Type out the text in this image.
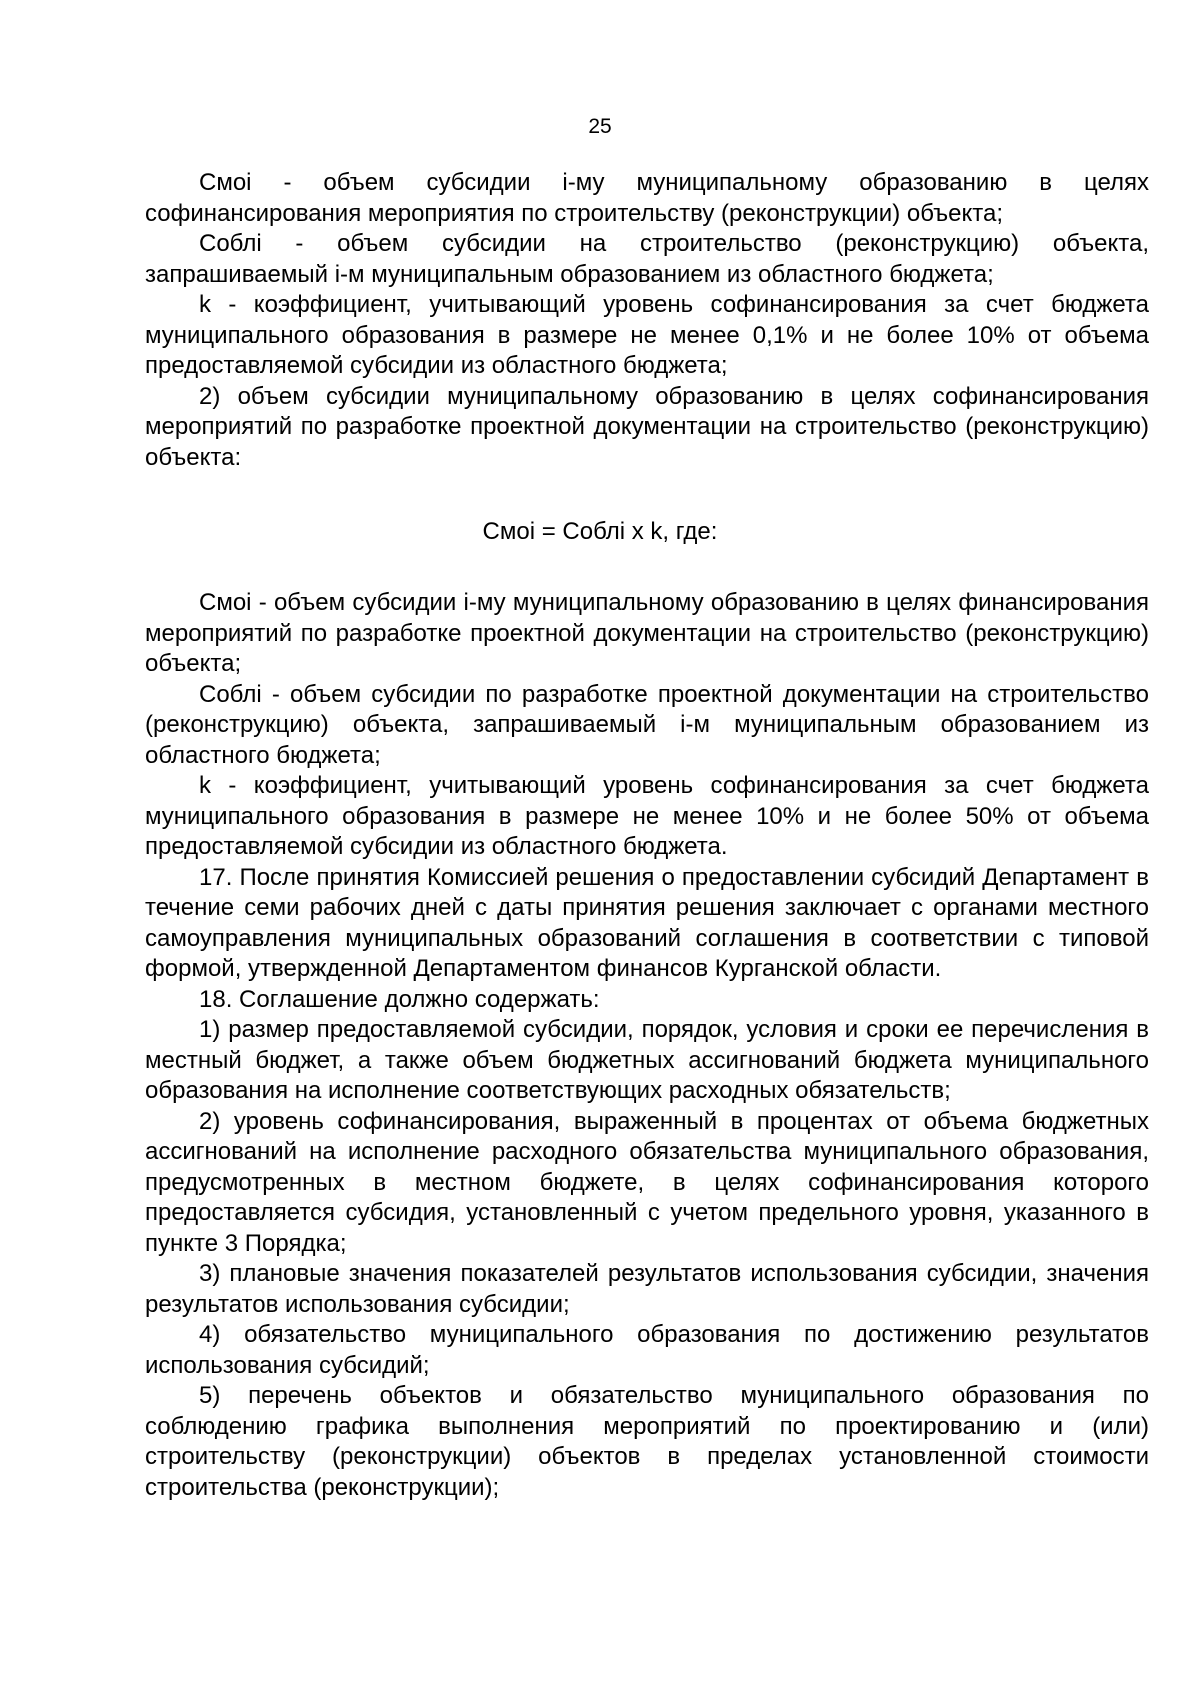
25

Смоi - объем субсидии i-му муниципальному образованию в целях софинансирования мероприятия по строительству (реконструкции) объекта;

Соблi - объем субсидии на строительство (реконструкцию) объекта, запрашиваемый i-м муниципальным образованием из областного бюджета;

k - коэффициент, учитывающий уровень софинансирования за счет бюджета муниципального образования в размере не менее 0,1% и не более 10% от объема предоставляемой субсидии из областного бюджета;

2) объем субсидии муниципальному образованию в целях софинансирования мероприятий по разработке проектной документации на строительство (реконструкцию) объекта:

Смоi = Соблi x k, где:

Смоi - объем субсидии i-му муниципальному образованию в целях финансирования мероприятий по разработке проектной документации на строительство (реконструкцию) объекта;

Соблi - объем субсидии по разработке проектной документации на строительство (реконструкцию) объекта, запрашиваемый i-м муниципальным образованием из областного бюджета;

k - коэффициент, учитывающий уровень софинансирования за счет бюджета муниципального образования в размере не менее 10% и не более 50% от объема предоставляемой субсидии из областного бюджета.

17. После принятия Комиссией решения о предоставлении субсидий Департамент в течение семи рабочих дней с даты принятия решения заключает с органами местного самоуправления муниципальных образований соглашения в соответствии с типовой формой, утвержденной Департаментом финансов Курганской области.

18. Соглашение должно содержать:

1) размер предоставляемой субсидии, порядок, условия и сроки ее перечисления в местный бюджет, а также объем бюджетных ассигнований бюджета муниципального образования на исполнение соответствующих расходных обязательств;

2) уровень софинансирования, выраженный в процентах от объема бюджетных ассигнований на исполнение расходного обязательства муниципального образования, предусмотренных в местном бюджете, в целях софинансирования которого предоставляется субсидия, установленный с учетом предельного уровня, указанного в пункте 3 Порядка;

3) плановые значения показателей результатов использования субсидии, значения результатов использования субсидии;

4) обязательство муниципального образования по достижению результатов использования субсидий;

5) перечень объектов и обязательство муниципального образования по соблюдению графика выполнения мероприятий по проектированию и (или) строительству (реконструкции) объектов в пределах установленной стоимости строительства (реконструкции);
